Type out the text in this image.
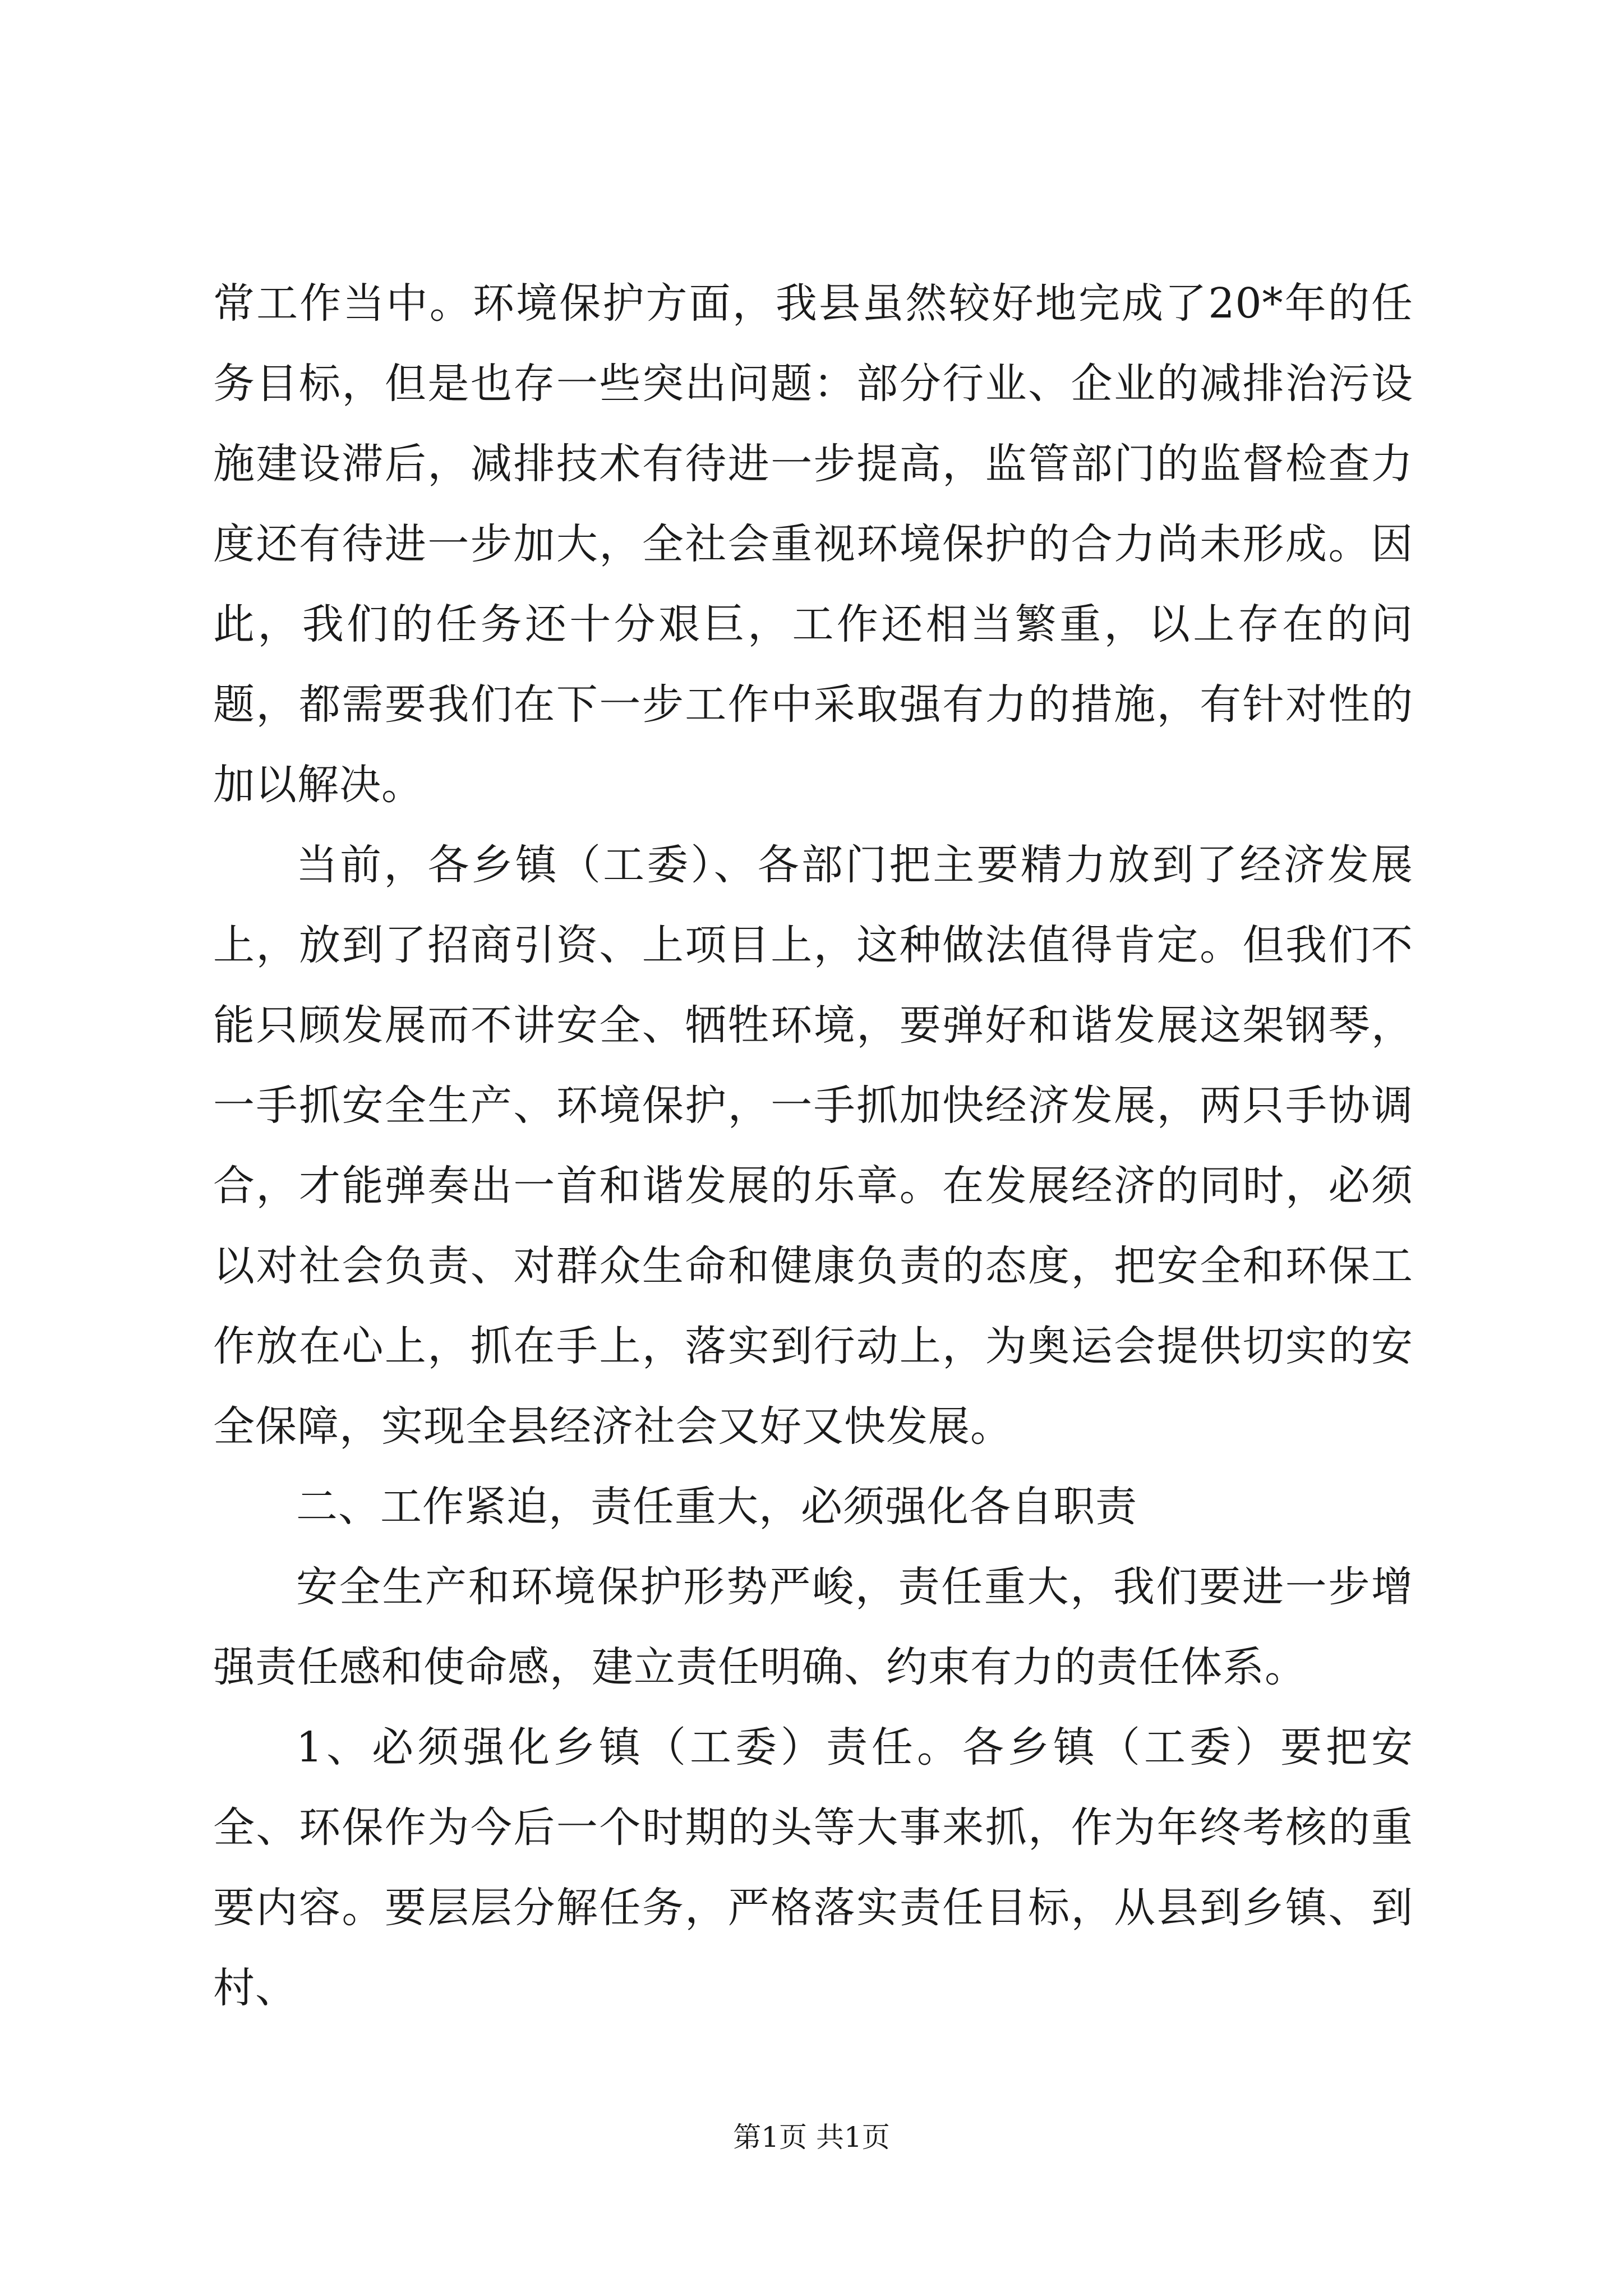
常工作当中。环境保护方面，我县虽然较好地完成了20*年的任务目标，但是也存一些突出问题：部分行业、企业的减排治污设施建设滞后，减排技术有待进一步提高，监管部门的监督检查力度还有待进一步加大，全社会重视环境保护的合力尚未形成。因此，我们的任务还十分艰巨，工作还相当繁重，以上存在的问题，都需要我们在下一步工作中采取强有力的措施，有针对性的加以解决。

当前，各乡镇（工委）、各部门把主要精力放到了经济发展上，放到了招商引资、上项目上，这种做法值得肯定。但我们不能只顾发展而不讲安全、牺牲环境，要弹好和谐发展这架钢琴，一手抓安全生产、环境保护，一手抓加快经济发展，两只手协调合，才能弹奏出一首和谐发展的乐章。在发展经济的同时，必须以对社会负责、对群众生命和健康负责的态度，把安全和环保工作放在心上，抓在手上，落实到行动上，为奥运会提供切实的安全保障，实现全县经济社会又好又快发展。

二、工作紧迫，责任重大，必须强化各自职责

安全生产和环境保护形势严峻，责任重大，我们要进一步增强责任感和使命感，建立责任明确、约束有力的责任体系。

1、必须强化乡镇（工委）责任。各乡镇（工委）要把安全、环保作为今后一个时期的头等大事来抓，作为年终考核的重要内容。要层层分解任务，严格落实责任目标，从县到乡镇、到村、

第1页 共1页
